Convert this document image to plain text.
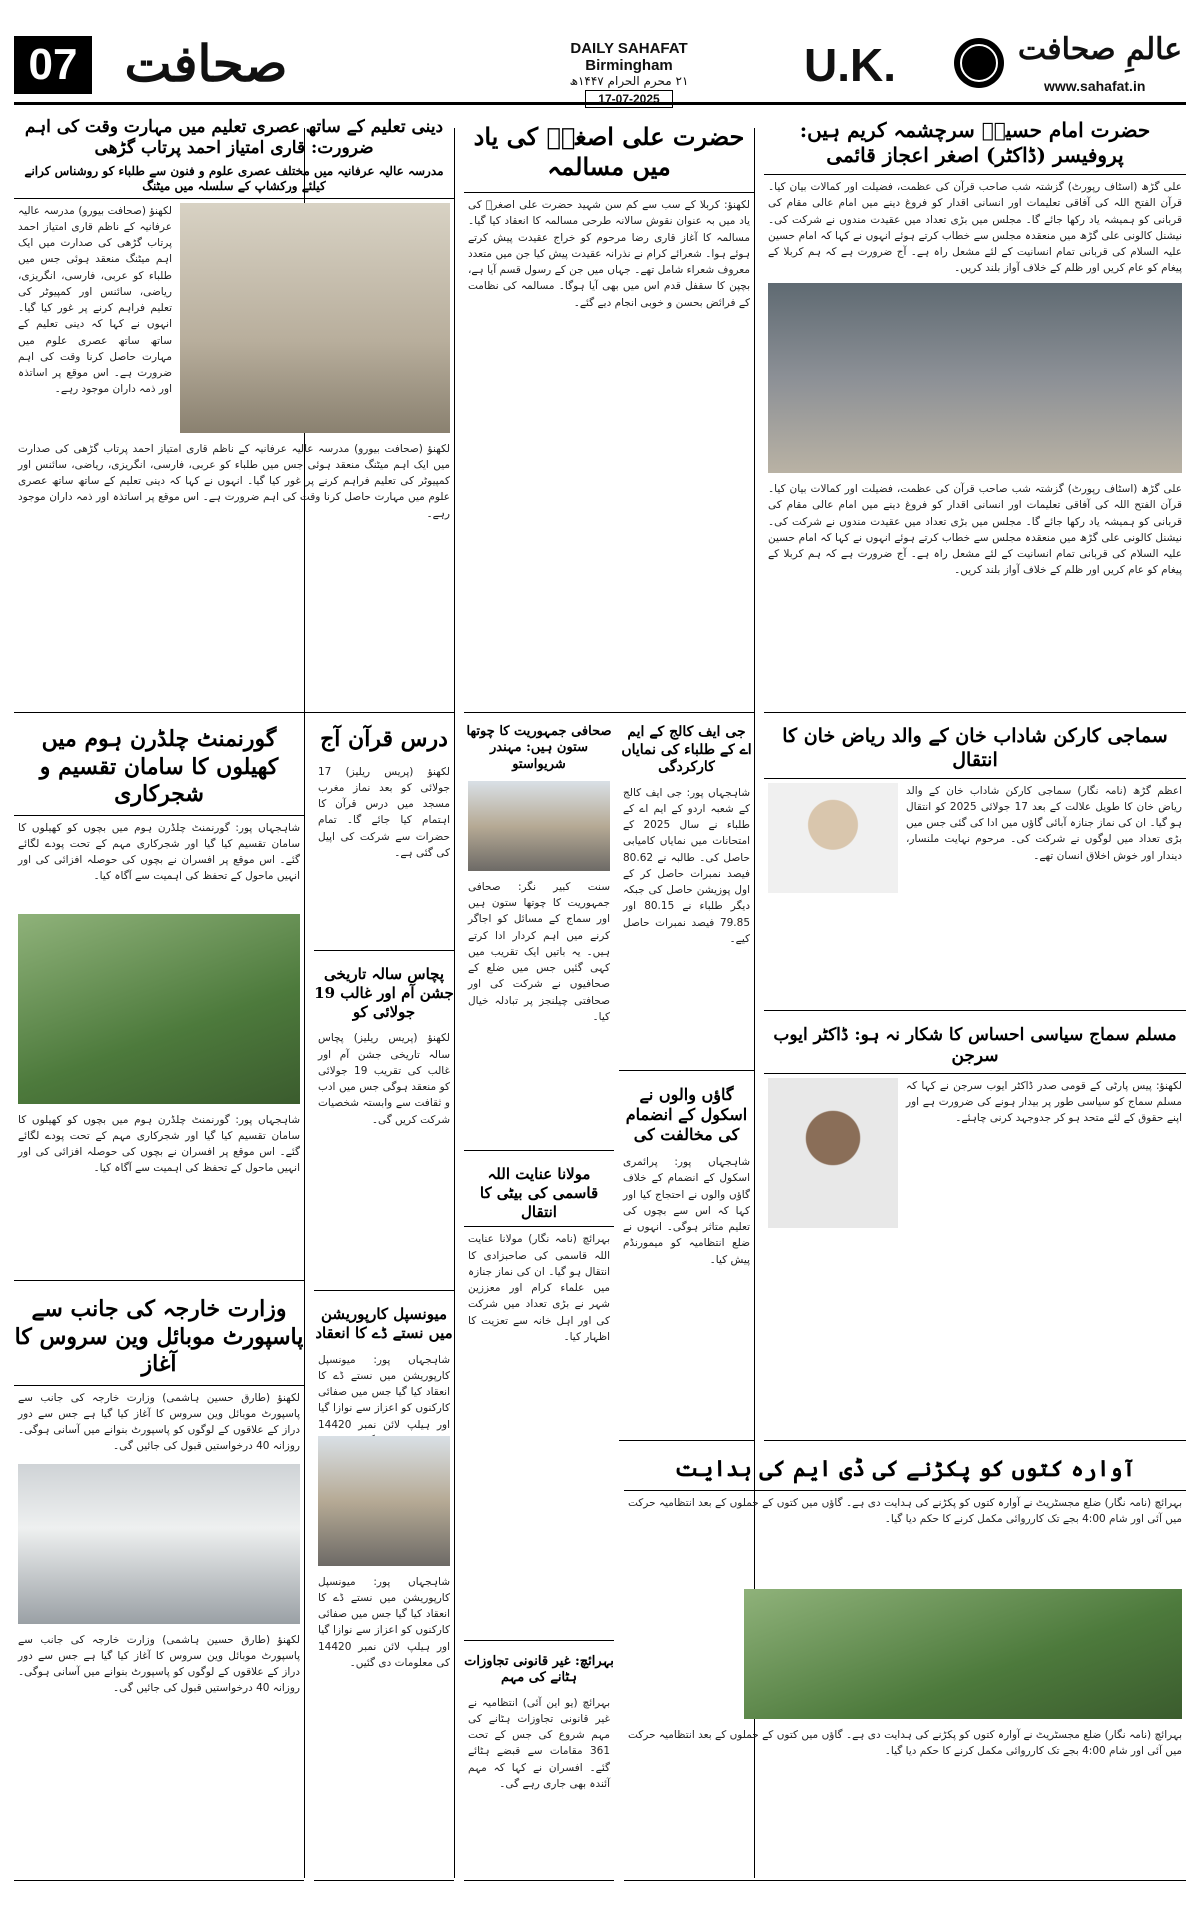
07 صحافت	DAILY SAHAFAT Birmingham
۲۱ محرم الحرام ۱۴۴۷ھ
17-07-2025
U.K.	عالمِ صحافت
www.sahafat.in
حضرت امام حسینؑ سرچشمہ کریم ہیں: پروفیسر (ڈاکٹر) اصغر اعجاز قائمی
علی گڑھ (اسٹاف رپورٹ) گزشتہ شب صاحب قرآن کی عظمت، فضیلت اور کمالات بیان کیا۔ قرآن الفتح اللہ کی آفاقی تعلیمات اور انسانی اقدار کو فروغ دینے میں امام عالی مقام کی قربانی کو ہمیشہ یاد رکھا جائے گا۔ مجلس میں بڑی تعداد میں عقیدت مندوں نے شرکت کی۔ نیشنل کالونی علی گڑھ میں منعقدہ مجلس سے خطاب کرتے ہوئے انہوں نے کہا کہ امام حسین علیہ السلام کی قربانی تمام انسانیت کے لئے مشعل راہ ہے۔ آج ضرورت ہے کہ ہم کربلا کے پیغام کو عام کریں اور ظلم کے خلاف آواز بلند کریں۔
علی گڑھ (اسٹاف رپورٹ) گزشتہ شب صاحب قرآن کی عظمت، فضیلت اور کمالات بیان کیا۔ قرآن الفتح اللہ کی آفاقی تعلیمات اور انسانی اقدار کو فروغ دینے میں امام عالی مقام کی قربانی کو ہمیشہ یاد رکھا جائے گا۔ مجلس میں بڑی تعداد میں عقیدت مندوں نے شرکت کی۔ نیشنل کالونی علی گڑھ میں منعقدہ مجلس سے خطاب کرتے ہوئے انہوں نے کہا کہ امام حسین علیہ السلام کی قربانی تمام انسانیت کے لئے مشعل راہ ہے۔ آج ضرورت ہے کہ ہم کربلا کے پیغام کو عام کریں اور ظلم کے خلاف آواز بلند کریں۔
حضرت علی اصغرؑ کی یاد میں مسالمہ
لکھنؤ: کربلا کے سب سے کم سن شہید حضرت علی اصغرؑ کی یاد میں بہ عنوان نقوش سالانہ طرحی مسالمہ کا انعقاد کیا گیا۔ مسالمہ کا آغاز قاری رضا مرحوم کو خراج عقیدت پیش کرتے ہوئے ہوا۔ شعرائے کرام نے نذرانہ عقیدت پیش کیا جن میں متعدد معروف شعراء شامل تھے۔ جہاں میں جن کے رسول قسم آیا ہے، بچپن کا سقفل قدم اس میں بھی آیا ہوگا۔ مسالمہ کی نظامت کے فرائض بحسن و خوبی انجام دیے گئے۔
دینی تعلیم کے ساتھ عصری تعلیم میں مہارت وقت کی اہم ضرورت: قاری امتیاز احمد پرتاب گڑھی
مدرسہ عالیہ عرفانیہ میں مختلف عصری علوم و فنون سے طلباء کو روشناس کرانے کیلئے ورکشاپ کے سلسلہ میں میٹنگ
لکھنؤ (صحافت بیورو) مدرسہ عالیہ عرفانیہ کے ناظم قاری امتیاز احمد پرتاب گڑھی کی صدارت میں ایک اہم میٹنگ منعقد ہوئی جس میں طلباء کو عربی، فارسی، انگریزی، ریاضی، سائنس اور کمپیوٹر کی تعلیم فراہم کرنے پر غور کیا گیا۔ انہوں نے کہا کہ دینی تعلیم کے ساتھ ساتھ عصری علوم میں مہارت حاصل کرنا وقت کی اہم ضرورت ہے۔ اس موقع پر اساتذہ اور ذمہ داران موجود رہے۔
لکھنؤ (صحافت بیورو) مدرسہ عالیہ عرفانیہ کے ناظم قاری امتیاز احمد پرتاب گڑھی کی صدارت میں ایک اہم میٹنگ منعقد ہوئی جس میں طلباء کو عربی، فارسی، انگریزی، ریاضی، سائنس اور کمپیوٹر کی تعلیم فراہم کرنے پر غور کیا گیا۔ انہوں نے کہا کہ دینی تعلیم کے ساتھ ساتھ عصری علوم میں مہارت حاصل کرنا وقت کی اہم ضرورت ہے۔ اس موقع پر اساتذہ اور ذمہ داران موجود رہے۔
سماجی کارکن شاداب خان کے والد ریاض خان کا انتقال
اعظم گڑھ (نامہ نگار) سماجی کارکن شاداب خان کے والد ریاض خان کا طویل علالت کے بعد 17 جولائی 2025 کو انتقال ہو گیا۔ ان کی نماز جنازہ آبائی گاؤں میں ادا کی گئی جس میں بڑی تعداد میں لوگوں نے شرکت کی۔ مرحوم نہایت ملنسار، دیندار اور خوش اخلاق انسان تھے۔
جی ایف کالج کے ایم اے کے طلباء کی نمایاں کارکردگی
شاہجہاں پور: جی ایف کالج کے شعبہ اردو کے ایم اے کے طلباء نے سال 2025 کے امتحانات میں نمایاں کامیابی حاصل کی۔ طالبہ نے 80.62 فیصد نمبرات حاصل کر کے اول پوزیشن حاصل کی جبکہ دیگر طلباء نے 80.15 اور 79.85 فیصد نمبرات حاصل کیے۔
صحافی جمہوریت کا چوتھا ستون ہیں: مہندر شریواستو
سنت کبیر نگر: صحافی جمہوریت کا چوتھا ستون ہیں اور سماج کے مسائل کو اجاگر کرنے میں اہم کردار ادا کرتے ہیں۔ یہ باتیں ایک تقریب میں کہی گئیں جس میں ضلع کے صحافیوں نے شرکت کی اور صحافتی چیلنجز پر تبادلہ خیال کیا۔
درس قرآن آج
لکھنؤ (پریس ریلیز) 17 جولائی کو بعد نماز مغرب مسجد میں درس قرآن کا اہتمام کیا جائے گا۔ تمام حضرات سے شرکت کی اپیل کی گئی ہے۔
گورنمنٹ چلڈرن ہوم میں کھیلوں کا سامان تقسیم و شجرکاری
شاہجہاں پور: گورنمنٹ چلڈرن ہوم میں بچوں کو کھیلوں کا سامان تقسیم کیا گیا اور شجرکاری مہم کے تحت پودے لگائے گئے۔ اس موقع پر افسران نے بچوں کی حوصلہ افزائی کی اور انہیں ماحول کے تحفظ کی اہمیت سے آگاہ کیا۔
شاہجہاں پور: گورنمنٹ چلڈرن ہوم میں بچوں کو کھیلوں کا سامان تقسیم کیا گیا اور شجرکاری مہم کے تحت پودے لگائے گئے۔ اس موقع پر افسران نے بچوں کی حوصلہ افزائی کی اور انہیں ماحول کے تحفظ کی اہمیت سے آگاہ کیا۔
پچاس سالہ تاریخی جشن آم اور غالب 19 جولائی کو
لکھنؤ (پریس ریلیز) پچاس سالہ تاریخی جشن آم اور غالب کی تقریب 19 جولائی کو منعقد ہوگی جس میں ادب و ثقافت سے وابستہ شخصیات شرکت کریں گی۔
مسلم سماج سیاسی احساس کا شکار نہ ہو: ڈاکٹر ایوب سرجن
لکھنؤ: پیس پارٹی کے قومی صدر ڈاکٹر ایوب سرجن نے کہا کہ مسلم سماج کو سیاسی طور پر بیدار ہونے کی ضرورت ہے اور اپنے حقوق کے لئے متحد ہو کر جدوجہد کرنی چاہئے۔
گاؤں والوں نے اسکول کے انضمام کی مخالفت کی
شاہجہاں پور: پرائمری اسکول کے انضمام کے خلاف گاؤں والوں نے احتجاج کیا اور کہا کہ اس سے بچوں کی تعلیم متاثر ہوگی۔ انہوں نے ضلع انتظامیہ کو میمورنڈم پیش کیا۔
مولانا عنایت اللہ قاسمی کی بیٹی کا انتقال
بہرائچ (نامہ نگار) مولانا عنایت اللہ قاسمی کی صاحبزادی کا انتقال ہو گیا۔ ان کی نماز جنازہ میں علماء کرام اور معززین شہر نے بڑی تعداد میں شرکت کی اور اہل خانہ سے تعزیت کا اظہار کیا۔
وزارت خارجہ کی جانب سے پاسپورٹ موبائل وین سروس کا آغاز
لکھنؤ (طارق حسین ہاشمی) وزارت خارجہ کی جانب سے پاسپورٹ موبائل وین سروس کا آغاز کیا گیا ہے جس سے دور دراز کے علاقوں کے لوگوں کو پاسپورٹ بنوانے میں آسانی ہوگی۔ روزانہ 40 درخواستیں قبول کی جائیں گی۔
لکھنؤ (طارق حسین ہاشمی) وزارت خارجہ کی جانب سے پاسپورٹ موبائل وین سروس کا آغاز کیا گیا ہے جس سے دور دراز کے علاقوں کے لوگوں کو پاسپورٹ بنوانے میں آسانی ہوگی۔ روزانہ 40 درخواستیں قبول کی جائیں گی۔
میونسپل کارپوریشن میں نستے ڈے کا انعقاد
شاہجہاں پور: میونسپل کارپوریشن میں نستے ڈے کا انعقاد کیا گیا جس میں صفائی کارکنوں کو اعزاز سے نوازا گیا اور ہیلپ لائن نمبر 14420
شاہجہاں پور: میونسپل کارپوریشن میں نستے ڈے کا انعقاد کیا گیا جس میں صفائی کارکنوں کو اعزاز سے نوازا گیا اور ہیلپ لائن نمبر 14420 کی معلومات دی گئیں۔
آوارہ کتوں کو پکڑنے کی ڈی ایم کی ہدایت
بہرائچ (نامہ نگار) ضلع مجسٹریٹ نے آوارہ کتوں کو پکڑنے کی ہدایت دی ہے۔ گاؤں میں کتوں کے حملوں کے بعد انتظامیہ حرکت میں آئی اور شام 4:00 بجے تک کارروائی مکمل کرنے کا حکم دیا گیا۔
بہرائچ (نامہ نگار) ضلع مجسٹریٹ نے آوارہ کتوں کو پکڑنے کی ہدایت دی ہے۔ گاؤں میں کتوں کے حملوں کے بعد انتظامیہ حرکت میں آئی اور شام 4:00 بجے تک کارروائی مکمل کرنے کا حکم دیا گیا۔
بہرائچ: غیر قانونی تجاوزات ہٹانے کی مہم
بہرائچ (یو این آئی) انتظامیہ نے غیر قانونی تجاوزات ہٹانے کی مہم شروع کی جس کے تحت 361 مقامات سے قبضے ہٹائے گئے۔ افسران نے کہا کہ مہم آئندہ بھی جاری رہے گی۔
